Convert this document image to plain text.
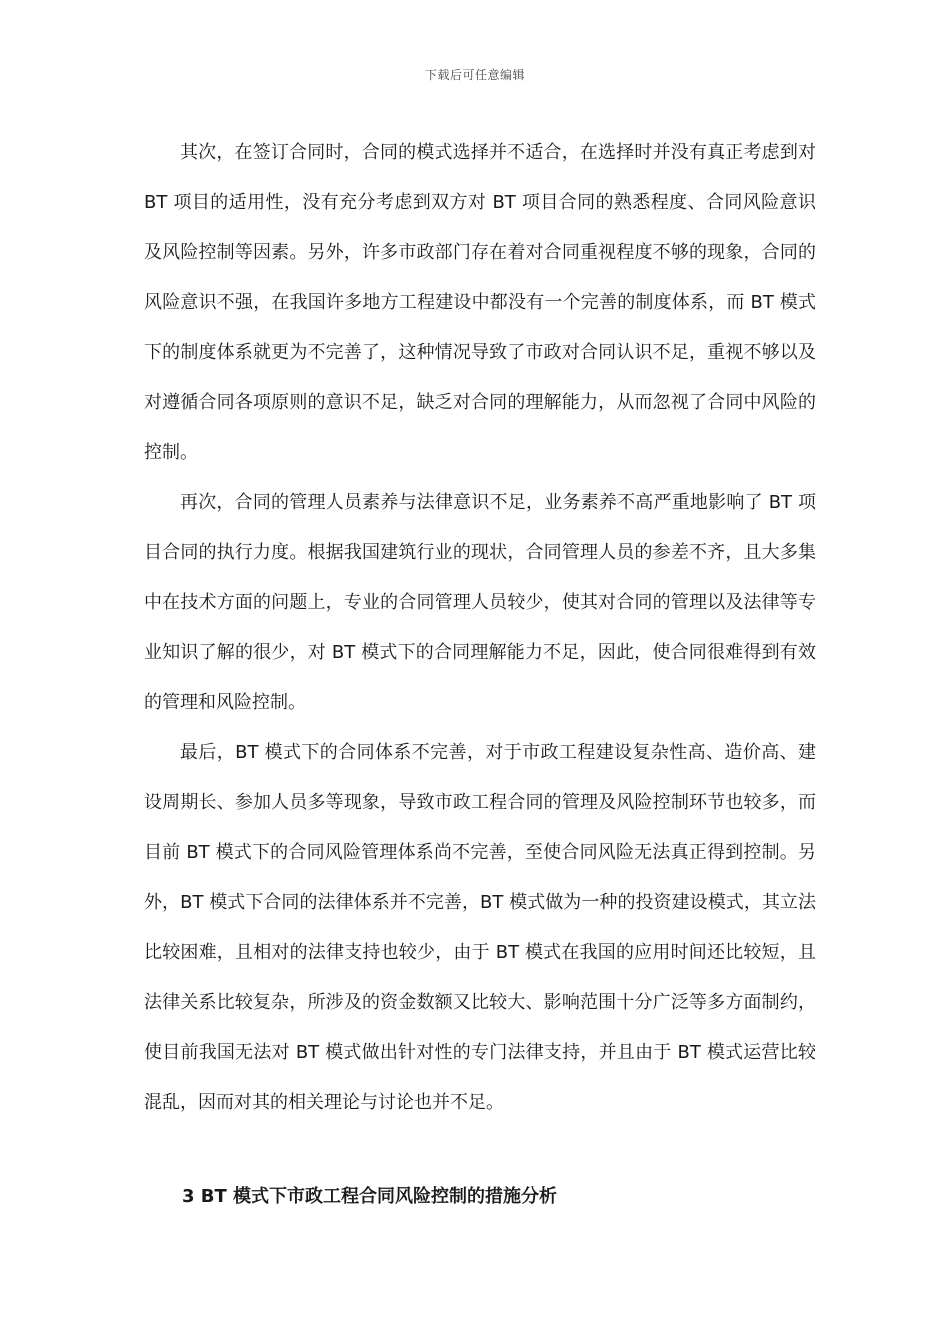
下载后可任意编辑

其次，在签订合同时，合同的模式选择并不适合，在选择时并没有真正考虑到对 BT 项目的适用性，没有充分考虑到双方对 BT 项目合同的熟悉程度、合同风险意识及风险控制等因素。另外，许多市政部门存在着对合同重视程度不够的现象，合同的风险意识不强，在我国许多地方工程建设中都没有一个完善的制度体系，而 BT 模式下的制度体系就更为不完善了，这种情况导致了市政对合同认识不足，重视不够以及对遵循合同各项原则的意识不足，缺乏对合同的理解能力，从而忽视了合同中风险的控制。

再次，合同的管理人员素养与法律意识不足，业务素养不高严重地影响了 BT 项目合同的执行力度。根据我国建筑行业的现状，合同管理人员的参差不齐，且大多集中在技术方面的问题上，专业的合同管理人员较少，使其对合同的管理以及法律等专业知识了解的很少，对 BT 模式下的合同理解能力不足，因此，使合同很难得到有效的管理和风险控制。

最后，BT 模式下的合同体系不完善，对于市政工程建设复杂性高、造价高、建设周期长、参加人员多等现象，导致市政工程合同的管理及风险控制环节也较多，而目前 BT 模式下的合同风险管理体系尚不完善，至使合同风险无法真正得到控制。另外，BT 模式下合同的法律体系并不完善，BT 模式做为一种的投资建设模式，其立法比较困难，且相对的法律支持也较少，由于 BT 模式在我国的应用时间还比较短，且法律关系比较复杂，所涉及的资金数额又比较大、影响范围十分广泛等多方面制约，使目前我国无法对 BT 模式做出针对性的专门法律支持，并且由于 BT 模式运营比较混乱，因而对其的相关理论与讨论也并不足。

3 BT 模式下市政工程合同风险控制的措施分析
